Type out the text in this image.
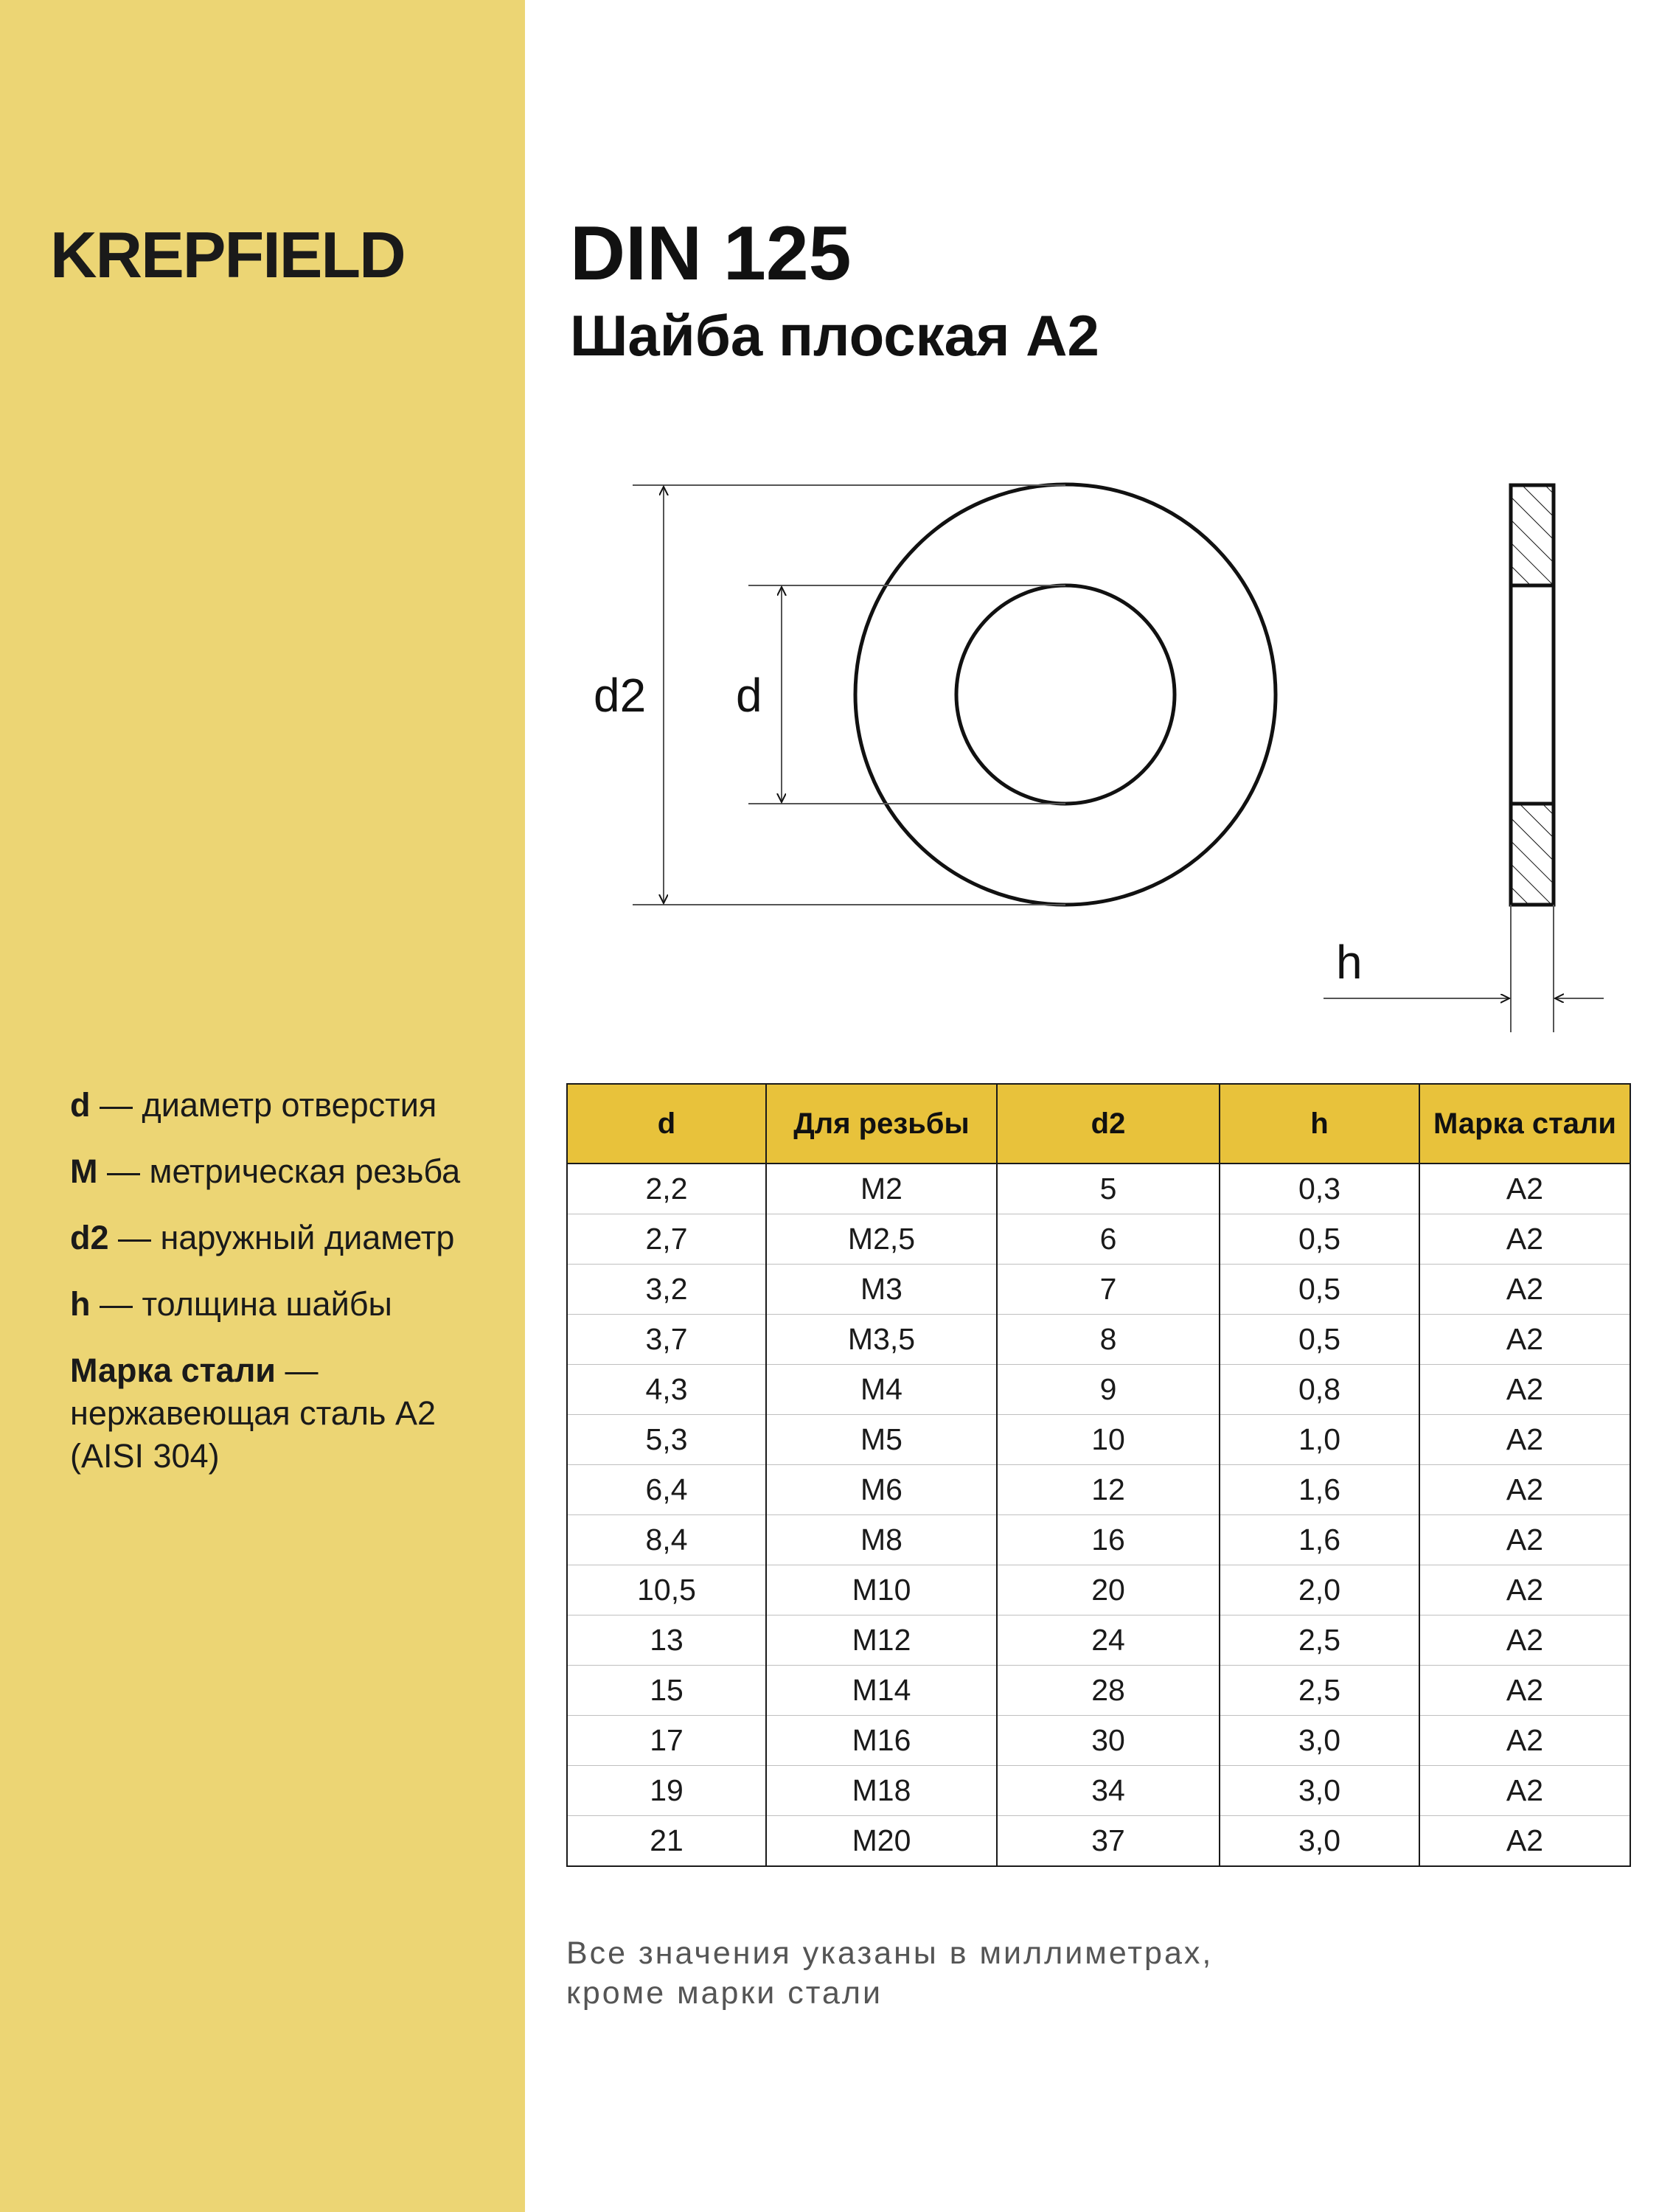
KREPFIELD DIN 125
Шайба плоская А2
d2 d
h
d — диаметр отверстия
M — метрическая резьба
d2 — наружный диаметр
h — толщина шайбы
Марка стали — нержавеющая сталь A2 (AISI 304)
d	Для резьбы	d2	h	Марка стали
2,2	M2	5	0,3	A2
2,7	M2,5	6	0,5	A2
3,2	M3	7	0,5	A2
3,7	M3,5	8	0,5	A2
4,3	M4	9	0,8	A2
5,3	M5	10	1,0	A2
6,4	M6	12	1,6	A2
8,4	M8	16	1,6	A2
10,5	M10	20	2,0	A2
13	M12	24	2,5	A2
15	M14	28	2,5	A2
17	M16	30	3,0	A2
19	M18	34	3,0	A2
21	M20	37	3,0	A2
Все значения указаны в миллиметрах,
кроме марки стали
